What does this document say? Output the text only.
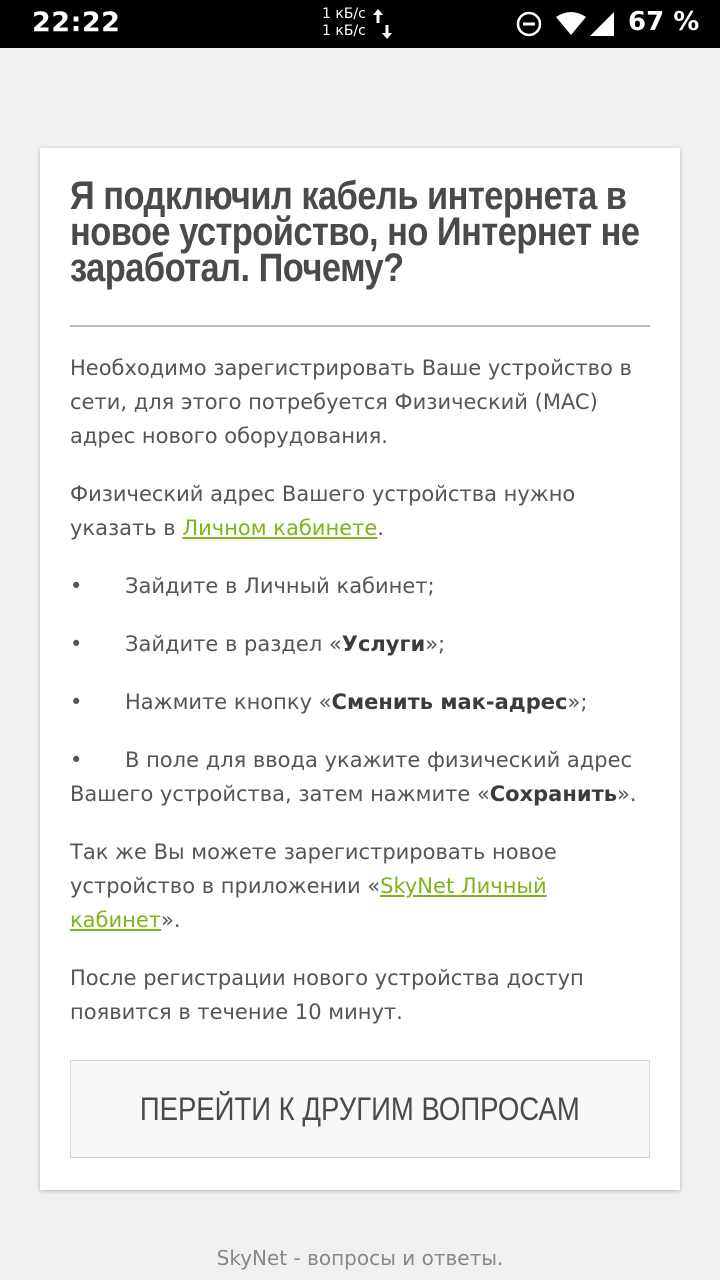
22:22	1 кБ/с
1 кБ/с	67 %
Я подключил кабель интернета в новое устройство, но Интернет не заработал. Почему?

Необходимо зарегистрировать Ваше устройство в сети, для этого потребуется Физический (MAC) адрес нового оборудования.

Физический адрес Вашего устройства нужно указать в Личном кабинете.

• Зайдите в Личный кабинет;

• Зайдите в раздел «Услуги»;

• Нажмите кнопку «Сменить мак-адрес»;

• В поле для ввода укажите физический адрес Вашего устройства, затем нажмите «Сохранить».

Так же Вы можете зарегистрировать новое устройство в приложении «SkyNet Личный кабинет».

После регистрации нового устройства доступ появится в течение 10 минут.

ПЕРЕЙТИ К ДРУГИМ ВОПРОСАМ
SkyNet - вопросы и ответы.
